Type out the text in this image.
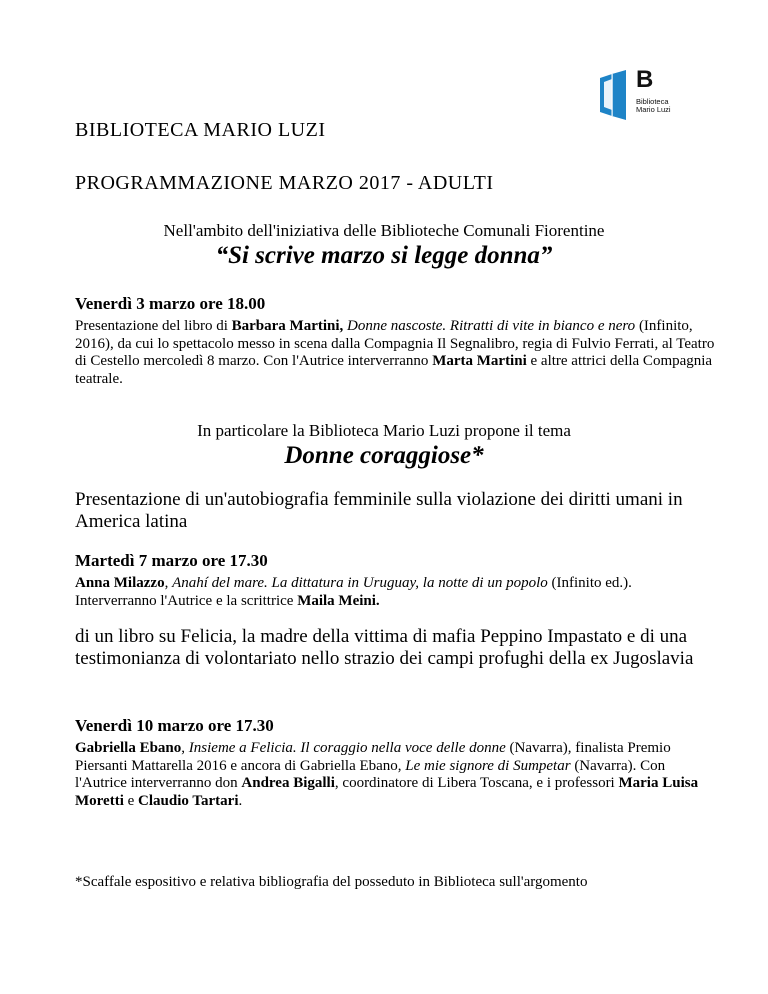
B
Biblioteca
Mario Luzi
BIBLIOTECA MARIO LUZI
PROGRAMMAZIONE MARZO 2017 - ADULTI
Nell'ambito dell'iniziativa delle Biblioteche Comunali Fiorentine
“Si scrive marzo si legge donna”
Venerdì 3 marzo ore 18.00
Presentazione del libro di Barbara Martini, Donne nascoste. Ritratti di vite in bianco e nero (Infinito, 2016), da cui lo spettacolo messo in scena dalla Compagnia Il Segnalibro, regia di Fulvio Ferrati, al Teatro di Cestello mercoledì 8 marzo. Con l'Autrice interverranno Marta Martini e altre attrici della Compagnia teatrale.
In particolare la Biblioteca Mario Luzi propone il tema
Donne coraggiose*
Presentazione di un'autobiografia femminile sulla violazione dei diritti umani in America latina
Martedì 7 marzo ore 17.30
Anna Milazzo, Anahí del mare. La dittatura in Uruguay, la notte di un popolo (Infinito ed.). Interverranno l'Autrice e la scrittrice Maila Meini.
di un libro su Felicia, la madre della vittima di mafia Peppino Impastato e di una testimonianza di volontariato nello strazio dei campi profughi della ex Jugoslavia
Venerdì 10 marzo ore 17.30
Gabriella Ebano, Insieme a Felicia. Il coraggio nella voce delle donne (Navarra), finalista Premio Piersanti Mattarella 2016 e ancora di Gabriella Ebano, Le mie signore di Sumpetar (Navarra). Con l'Autrice interverranno don Andrea Bigalli, coordinatore di Libera Toscana, e i professori Maria Luisa Moretti e Claudio Tartari.
*Scaffale espositivo e relativa bibliografia del posseduto in Biblioteca sull'argomento
